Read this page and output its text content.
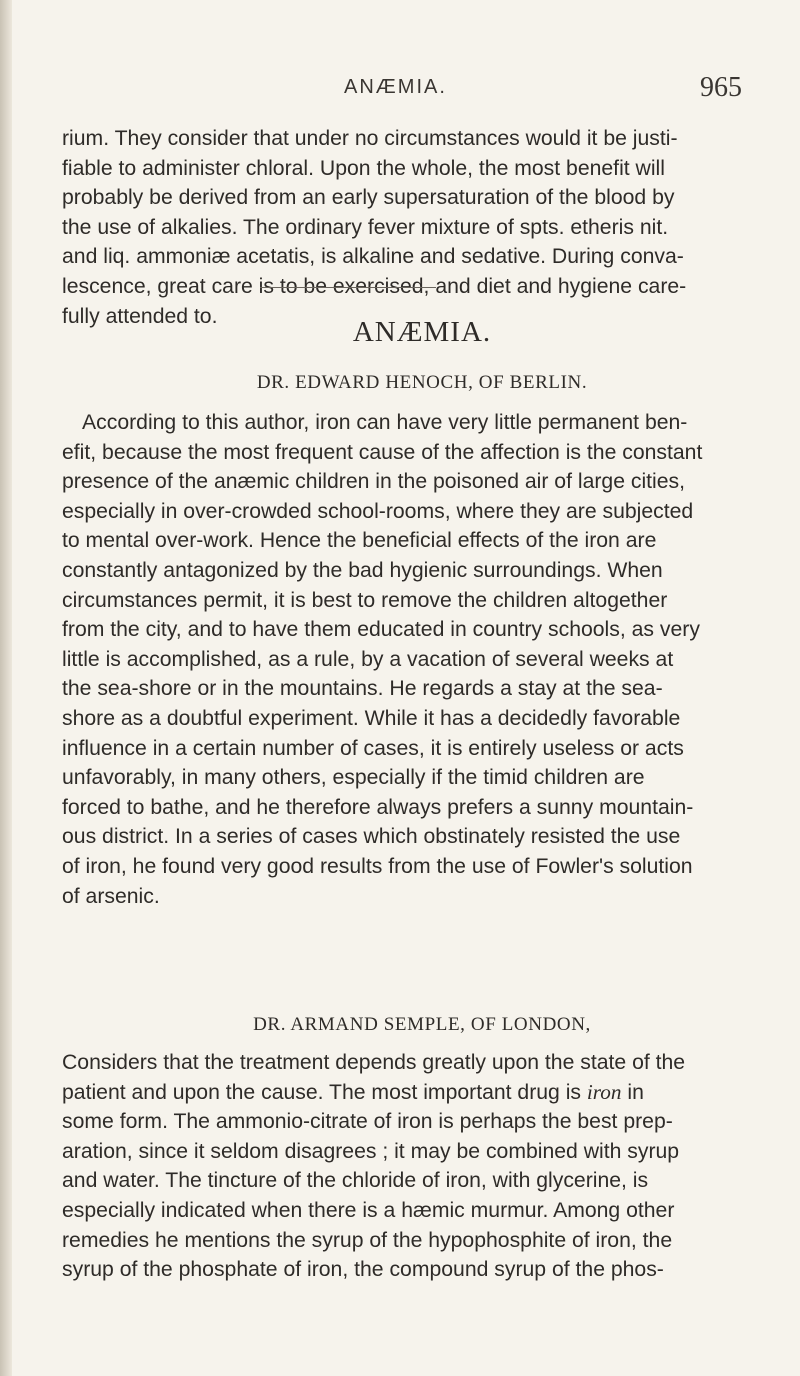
ANÆMIA.	965

rium. They consider that under no circumstances would it be justi-
fiable to administer chloral. Upon the whole, the most benefit will
probably be derived from an early supersaturation of the blood by
the use of alkalies. The ordinary fever mixture of spts. etheris nit.
and liq. ammoniæ acetatis, is alkaline and sedative. During conva-
lescence, great care is to be exercised, and diet and hygiene care-
fully attended to.	ANÆMIA.
DR. EDWARD HENOCH, OF BERLIN.

According to this author, iron can have very little permanent ben-
efit, because the most frequent cause of the affection is the constant
presence of the anæmic children in the poisoned air of large cities,
especially in over-crowded school-rooms, where they are subjected
to mental over-work. Hence the beneficial effects of the iron are
constantly antagonized by the bad hygienic surroundings. When
circumstances permit, it is best to remove the children altogether
from the city, and to have them educated in country schools, as very
little is accomplished, as a rule, by a vacation of several weeks at
the sea-shore or in the mountains. He regards a stay at the sea-
shore as a doubtful experiment. While it has a decidedly favorable
influence in a certain number of cases, it is entirely useless or acts
unfavorably, in many others, especially if the timid children are
forced to bathe, and he therefore always prefers a sunny mountain-
ous district. In a series of cases which obstinately resisted the use
of iron, he found very good results from the use of Fowler's solution
of arsenic.

DR. ARMAND SEMPLE, OF LONDON,

Considers that the treatment depends greatly upon the state of the
patient and upon the cause. The most important drug is iron in
some form. The ammonio-citrate of iron is perhaps the best prep-
aration, since it seldom disagrees ; it may be combined with syrup
and water. The tincture of the chloride of iron, with glycerine, is
especially indicated when there is a hæmic murmur. Among other
remedies he mentions the syrup of the hypophosphite of iron, the
syrup of the phosphate of iron, the compound syrup of the phos-
